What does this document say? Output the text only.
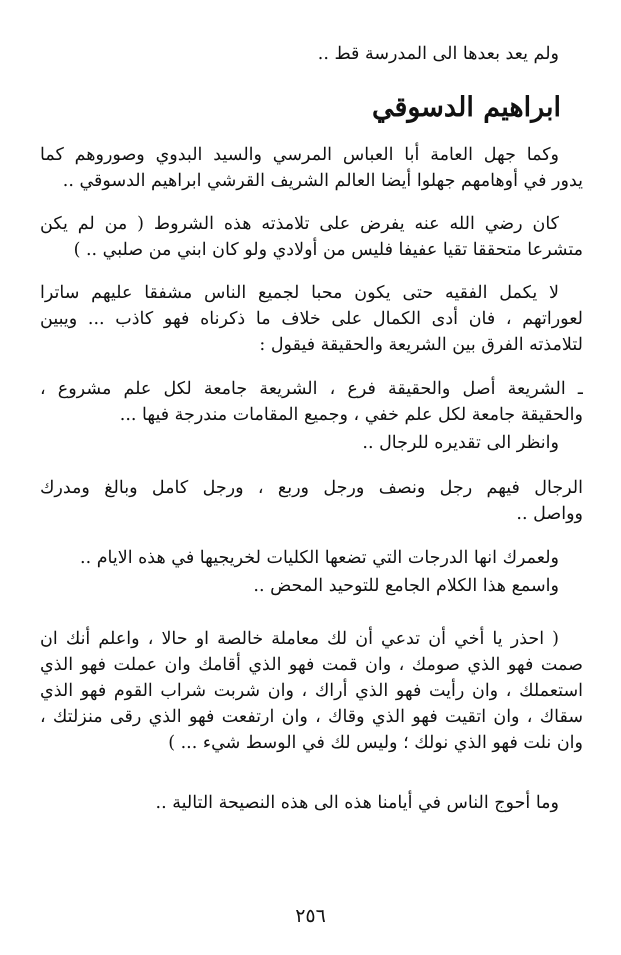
ولم يعد بعدها الى المدرسة قط ..
ابراهيم الدسوقي
وكما جهل العامة أبا العباس المرسي والسيد البدوي وصوروهم كما
يدور في أوهامهم جهلوا أيضا العالم الشريف القرشي ابراهيم الدسوقي ..
كان رضي الله عنه يفرض على تلامذته هذه الشروط ( من لم يكن
متشرعا متحققا تقيا عفيفا فليس من أولادي ولو كان ابني من صلبي .. )
لا يكمل الفقيه حتى يكون محبا لجميع الناس مشفقا عليهم ساترا
لعوراتهم ، فان أدى الكمال على خلاف ما ذكرناه فهو كاذب ... ويبين
لتلامذته الفرق بين الشريعة والحقيقة فيقول :
ـ الشريعة أصل والحقيقة فرع ، الشريعة جامعة لكل علم مشروع ،
والحقيقة جامعة لكل علم خفي ، وجميع المقامات مندرجة فيها ...
وانظر الى تقديره للرجال ..
الرجال فيهم رجل ونصف ورجل وربع ، ورجل كامل وبالغ ومدرك
وواصل ..
ولعمرك انها الدرجات التي تضعها الكليات لخريجيها في هذه الايام ..
واسمع هذا الكلام الجامع للتوحيد المحض ..
( احذر يا أخي أن تدعي أن لك معاملة خالصة او حالا ، واعلم أنك ان
صمت فهو الذي صومك ، وان قمت فهو الذي أقامك وان عملت فهو الذي
استعملك ، وان رأيت فهو الذي أراك ، وان شربت شراب القوم فهو الذي
سقاك ، وان اتقيت فهو الذي وقاك ، وان ارتفعت فهو الذي رقى منزلتك ،
وان نلت فهو الذي نولك ؛ وليس لك في الوسط شيء ... )
وما أحوج الناس في أيامنا هذه الى هذه النصيحة التالية ..
٢٥٦
